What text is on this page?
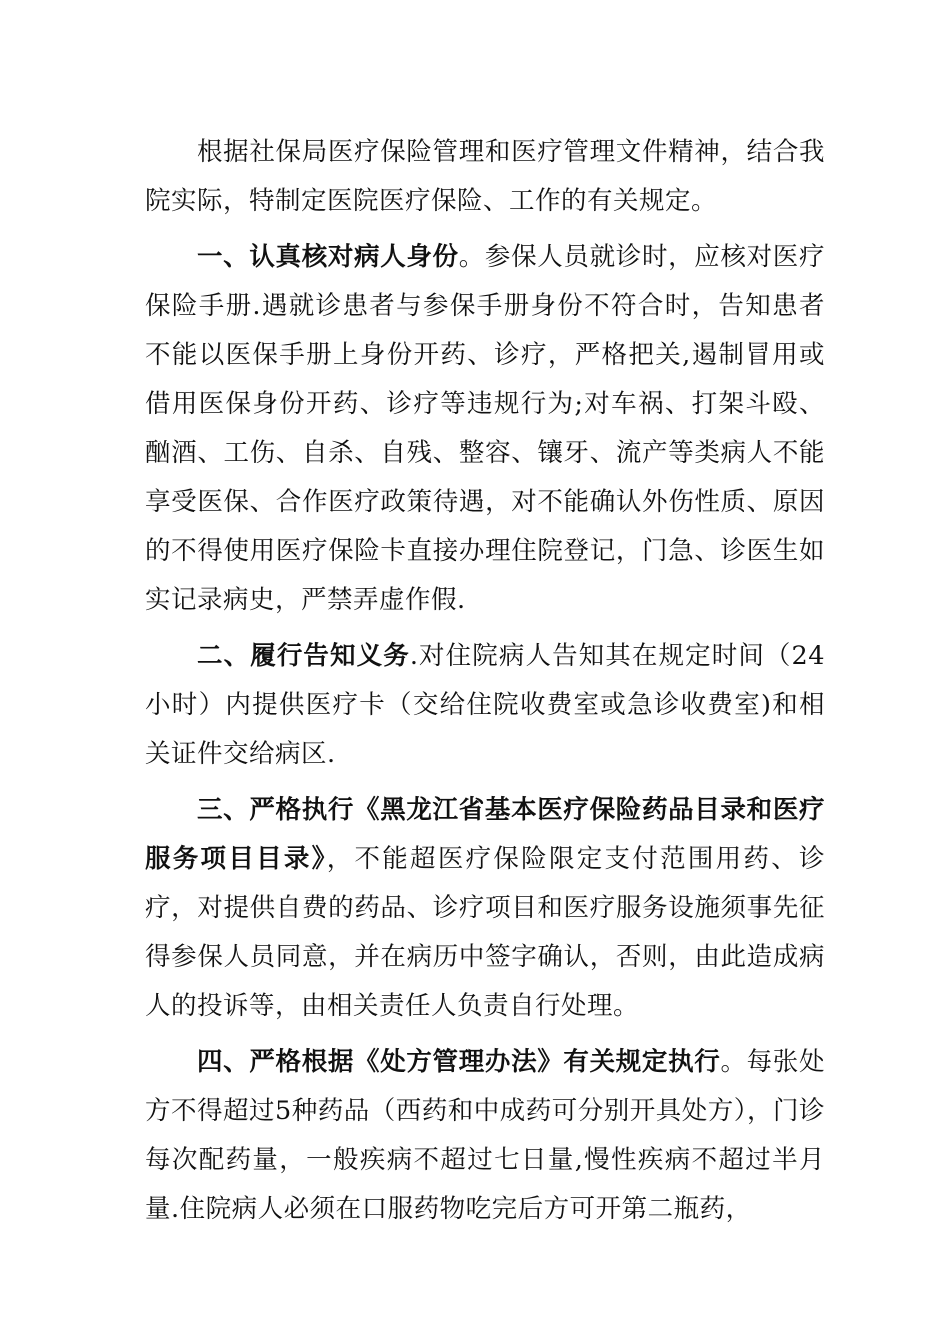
根据社保局医疗保险管理和医疗管理文件精神，结合我院实际，特制定医院医疗保险、工作的有关规定。

一、认真核对病人身份。参保人员就诊时，应核对医疗保险手册.遇就诊患者与参保手册身份不符合时，告知患者不能以医保手册上身份开药、诊疗，严格把关,遏制冒用或借用医保身份开药、诊疗等违规行为;对车祸、打架斗殴、酗酒、工伤、自杀、自残、整容、镶牙、流产等类病人不能享受医保、合作医疗政策待遇，对不能确认外伤性质、原因的不得使用医疗保险卡直接办理住院登记，门急、诊医生如实记录病史，严禁弄虚作假.

二、履行告知义务.对住院病人告知其在规定时间（24小时）内提供医疗卡（交给住院收费室或急诊收费室)和相关证件交给病区.

三、严格执行《黑龙江省基本医疗保险药品目录和医疗服务项目目录》，不能超医疗保险限定支付范围用药、诊疗，对提供自费的药品、诊疗项目和医疗服务设施须事先征得参保人员同意，并在病历中签字确认，否则，由此造成病人的投诉等，由相关责任人负责自行处理。

四、严格根据《处方管理办法》有关规定执行。每张处方不得超过5种药品（西药和中成药可分别开具处方），门诊每次配药量，一般疾病不超过七日量,慢性疾病不超过半月量.住院病人必须在口服药物吃完后方可开第二瓶药，
